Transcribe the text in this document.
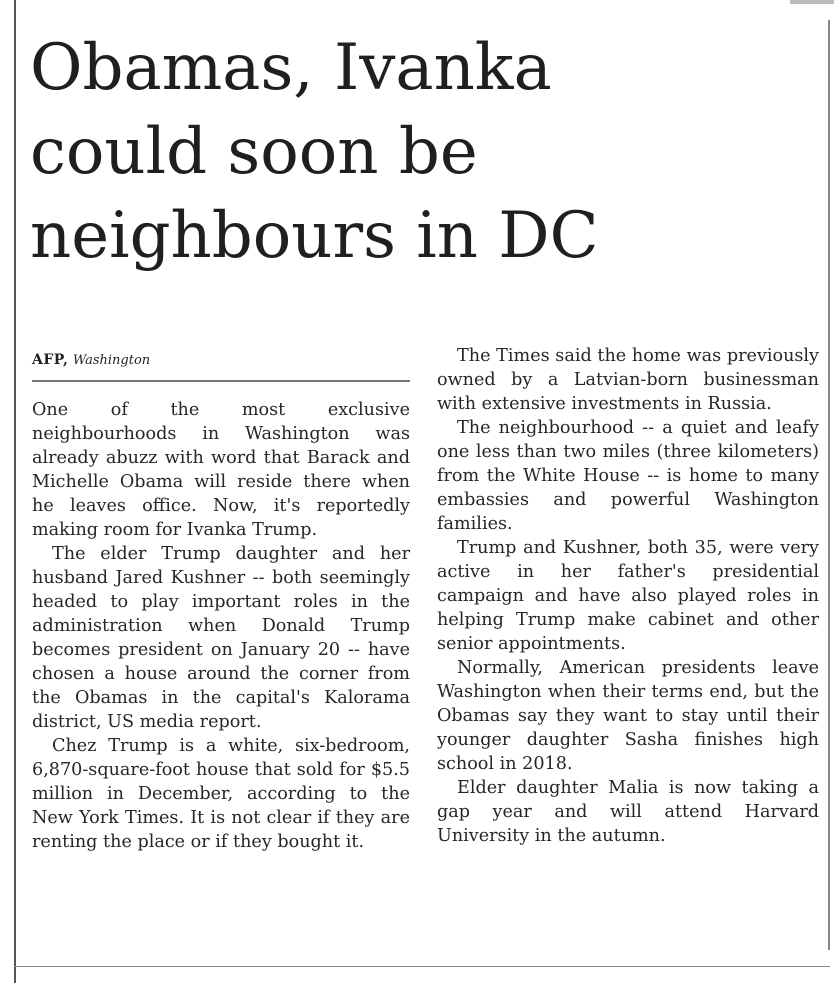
Obamas, Ivanka
could soon be
neighbours in DC
AFP, Washington

One of the most exclusive neighbourhoods in Washington was already abuzz with word that Barack and Michelle Obama will reside there when he leaves office. Now, it's reportedly making room for Ivanka Trump.

The elder Trump daughter and her husband Jared Kushner -- both seemingly headed to play important roles in the administration when Donald Trump becomes president on January 20 -- have chosen a house around the corner from the Obamas in the capital's Kalorama district, US media report.

Chez Trump is a white, six-bedroom, 6,870-square-foot house that sold for $5.5 million in December, according to the New York Times. It is not clear if they are renting the place or if they bought it.

The Times said the home was previously owned by a Latvian-born businessman with extensive investments in Russia.

The neighbourhood -- a quiet and leafy one less than two miles (three kilometers) from the White House -- is home to many embassies and powerful Washington families.

Trump and Kushner, both 35, were very active in her father's presidential campaign and have also played roles in helping Trump make cabinet and other senior appointments.

Normally, American presidents leave Washington when their terms end, but the Obamas say they want to stay until their younger daughter Sasha finishes high school in 2018.

Elder daughter Malia is now taking a gap year and will attend Harvard University in the autumn.
